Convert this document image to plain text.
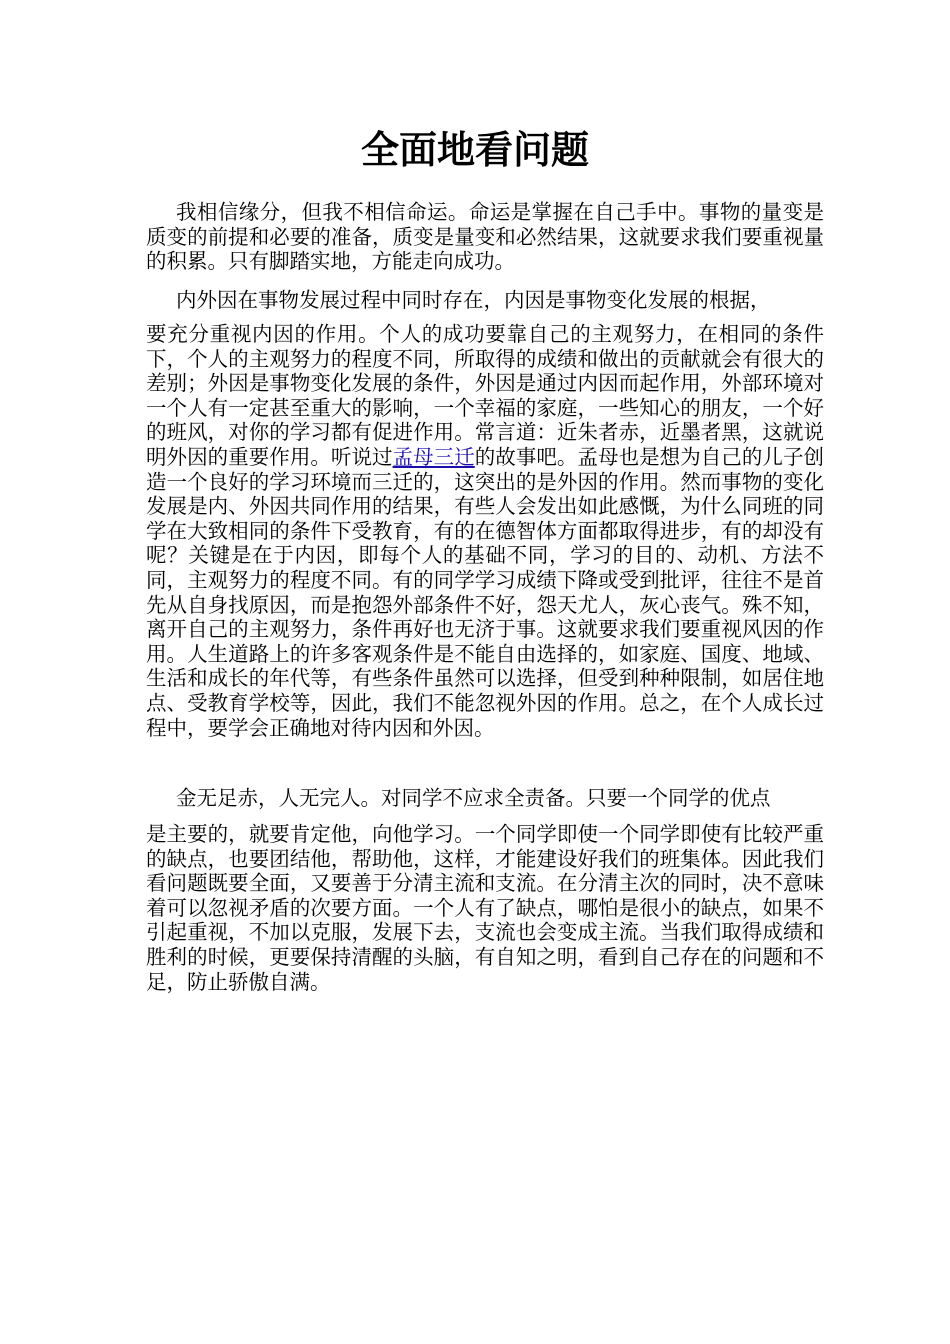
全面地看问题

我相信缘分，但我不相信命运。命运是掌握在自己手中。事物的量变是质变的前提和必要的准备，质变是量变和必然结果，这就要求我们要重视量的积累。只有脚踏实地，方能走向成功。

内外因在事物发展过程中同时存在，内因是事物变化发展的根据，

要充分重视内因的作用。个人的成功要靠自己的主观努力，在相同的条件下，个人的主观努力的程度不同，所取得的成绩和做出的贡献就会有很大的差别；外因是事物变化发展的条件，外因是通过内因而起作用，外部环境对一个人有一定甚至重大的影响，一个幸福的家庭，一些知心的朋友，一个好的班风，对你的学习都有促进作用。常言道：近朱者赤，近墨者黑，这就说明外因的重要作用。听说过孟母三迁的故事吧。孟母也是想为自己的儿子创造一个良好的学习环境而三迁的，这突出的是外因的作用。然而事物的变化发展是内、外因共同作用的结果，有些人会发出如此感慨，为什么同班的同学在大致相同的条件下受教育，有的在德智体方面都取得进步，有的却没有呢？关键是在于内因，即每个人的基础不同，学习的目的、动机、方法不同，主观努力的程度不同。有的同学学习成绩下降或受到批评，往往不是首先从自身找原因，而是抱怨外部条件不好，怨天尤人，灰心丧气。殊不知，离开自己的主观努力，条件再好也无济于事。这就要求我们要重视风因的作用。人生道路上的许多客观条件是不能自由选择的，如家庭、国度、地域、生活和成长的年代等，有些条件虽然可以选择，但受到种种限制，如居住地点、受教育学校等，因此，我们不能忽视外因的作用。总之，在个人成长过程中，要学会正确地对待内因和外因。

金无足赤，人无完人。对同学不应求全责备。只要一个同学的优点

是主要的，就要肯定他，向他学习。一个同学即使一个同学即使有比较严重的缺点，也要团结他，帮助他，这样，才能建设好我们的班集体。因此我们看问题既要全面，又要善于分清主流和支流。在分清主次的同时，决不意味着可以忽视矛盾的次要方面。一个人有了缺点，哪怕是很小的缺点，如果不引起重视，不加以克服，发展下去，支流也会变成主流。当我们取得成绩和胜利的时候，更要保持清醒的头脑，有自知之明，看到自己存在的问题和不足，防止骄傲自满。
